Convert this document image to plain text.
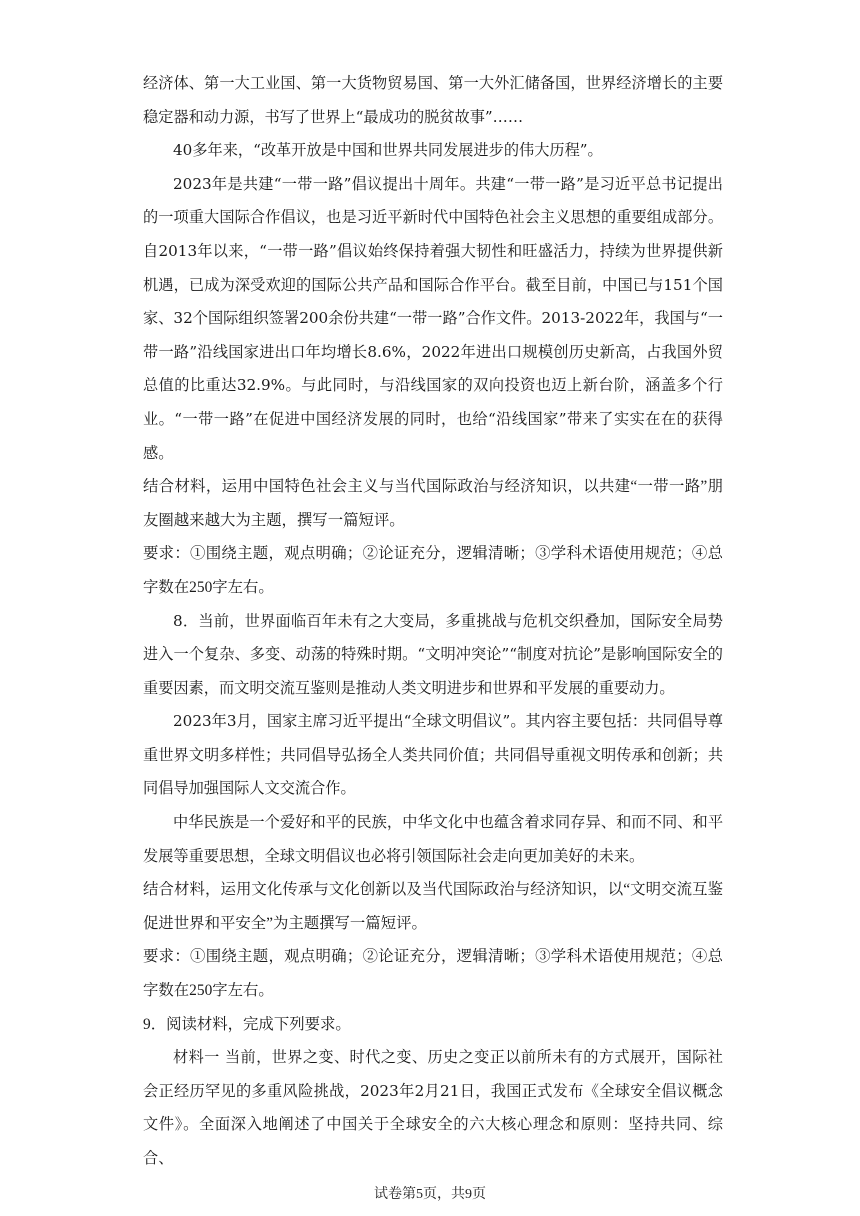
经济体、第一大工业国、第一大货物贸易国、第一大外汇储备国，世界经济增长的主要稳定器和动力源，书写了世界上“最成功的脱贫故事”……

40多年来，“改革开放是中国和世界共同发展进步的伟大历程”。

2023年是共建“一带一路”倡议提出十周年。共建“一带一路”是习近平总书记提出的一项重大国际合作倡议，也是习近平新时代中国特色社会主义思想的重要组成部分。自2013年以来，“一带一路”倡议始终保持着强大韧性和旺盛活力，持续为世界提供新机遇，已成为深受欢迎的国际公共产品和国际合作平台。截至目前，中国已与151个国家、32个国际组织签署200余份共建“一带一路”合作文件。2013-2022年，我国与“一带一路”沿线国家进出口年均增长8.6%，2022年进出口规模创历史新高，占我国外贸总值的比重达32.9%。与此同时，与沿线国家的双向投资也迈上新台阶，涵盖多个行业。“一带一路”在促进中国经济发展的同时，也给“沿线国家”带来了实实在在的获得感。

结合材料，运用中国特色社会主义与当代国际政治与经济知识，以共建“一带一路”朋友圈越来越大为主题，撰写一篇短评。

要求：①围绕主题，观点明确；②论证充分，逻辑清晰；③学科术语使用规范；④总字数在250字左右。

8．当前，世界面临百年未有之大变局，多重挑战与危机交织叠加，国际安全局势进入一个复杂、多变、动荡的特殊时期。“文明冲突论”“制度对抗论”是影响国际安全的重要因素，而文明交流互鉴则是推动人类文明进步和世界和平发展的重要动力。

2023年3月，国家主席习近平提出“全球文明倡议”。其内容主要包括：共同倡导尊重世界文明多样性；共同倡导弘扬全人类共同价值；共同倡导重视文明传承和创新；共同倡导加强国际人文交流合作。

中华民族是一个爱好和平的民族，中华文化中也蕴含着求同存异、和而不同、和平发展等重要思想，全球文明倡议也必将引领国际社会走向更加美好的未来。

结合材料，运用文化传承与文化创新以及当代国际政治与经济知识，以“文明交流互鉴促进世界和平安全”为主题撰写一篇短评。

要求：①围绕主题，观点明确；②论证充分，逻辑清晰；③学科术语使用规范；④总字数在250字左右。

9．阅读材料，完成下列要求。

材料一 当前，世界之变、时代之变、历史之变正以前所未有的方式展开，国际社会正经历罕见的多重风险挑战，2023年2月21日，我国正式发布《全球安全倡议概念文件》。全面深入地阐述了中国关于全球安全的六大核心理念和原则：坚持共同、综合、

试卷第5页，共9页
